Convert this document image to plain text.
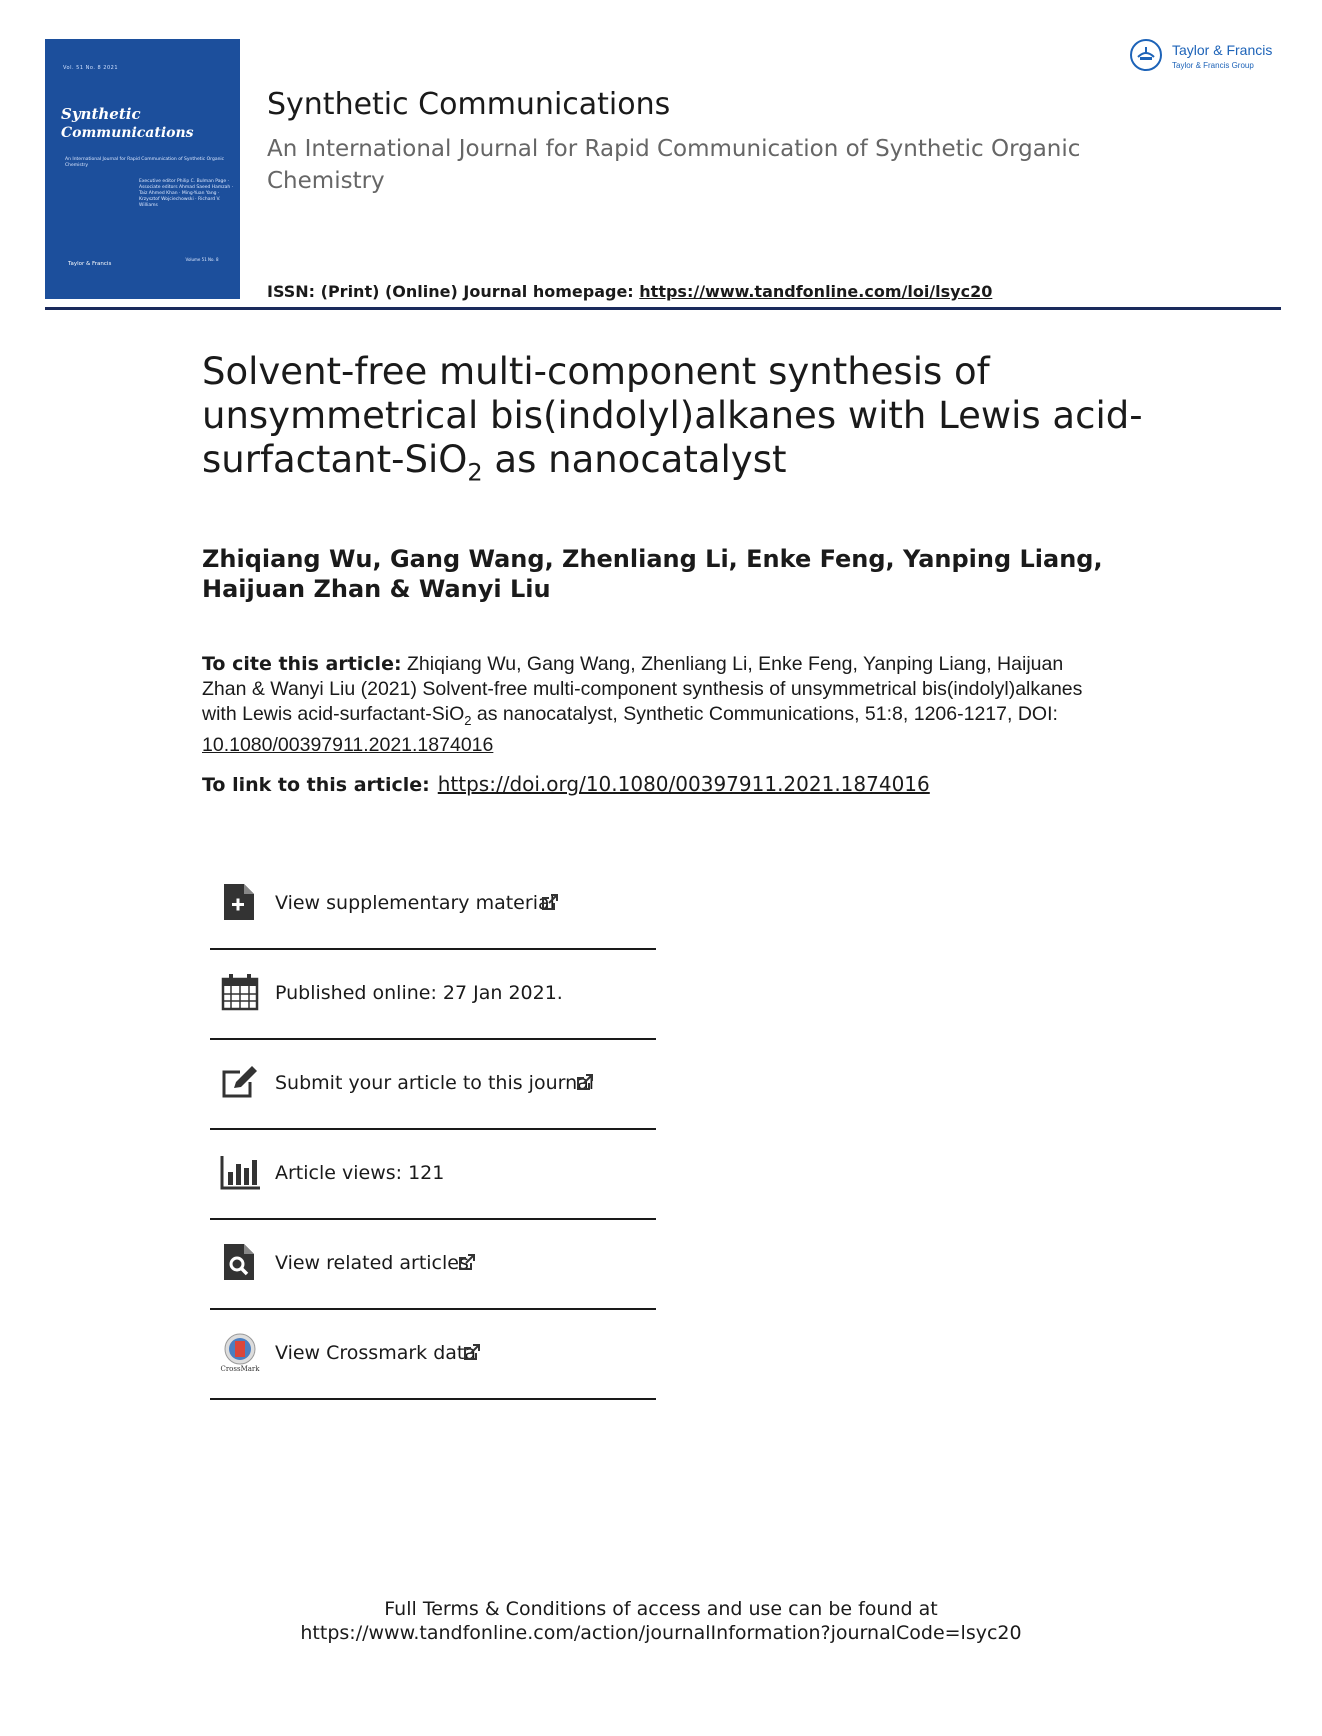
Vol. 51 No. 8 2021
Synthetic
Communications
An International Journal for Rapid Communication of Synthetic Organic Chemistry
Executive editor Philip C. Bulman Page · Associate editors Ahmad Saeed Hamzah · Taiz Ahmed Khan · Ming-Yuan Yang · Krzysztof Wojciechowski · Richard V. Williams
Taylor & Francis
Volume 51 No. 8
Taylor & Francis
Taylor & Francis Group
Synthetic Communications
An International Journal for Rapid Communication of Synthetic Organic Chemistry
ISSN: (Print) (Online) Journal homepage: https://www.tandfonline.com/loi/lsyc20
Solvent-free multi-component synthesis of unsymmetrical bis(indolyl)alkanes with Lewis acid-surfactant-SiO$_2$ as nanocatalyst
Zhiqiang Wu, Gang Wang, Zhenliang Li, Enke Feng, Yanping Liang, Haijuan Zhan & Wanyi Liu
To cite this article: Zhiqiang Wu, Gang Wang, Zhenliang Li, Enke Feng, Yanping Liang, Haijuan Zhan & Wanyi Liu (2021) Solvent-free multi-component synthesis of unsymmetrical bis(indolyl)alkanes with Lewis acid-surfactant-SiO$_2$ as nanocatalyst, Synthetic Communications, 51:8, 1206-1217, DOI: 10.1080/00397911.2021.1874016
To link to this article: https://doi.org/10.1080/00397911.2021.1874016
View supplementary material
Published online: 27 Jan 2021.
Submit your article to this journal
Article views: 121
View related articles
CrossMark
View Crossmark data
Full Terms & Conditions of access and use can be found at
https://www.tandfonline.com/action/journalInformation?journalCode=lsyc20
